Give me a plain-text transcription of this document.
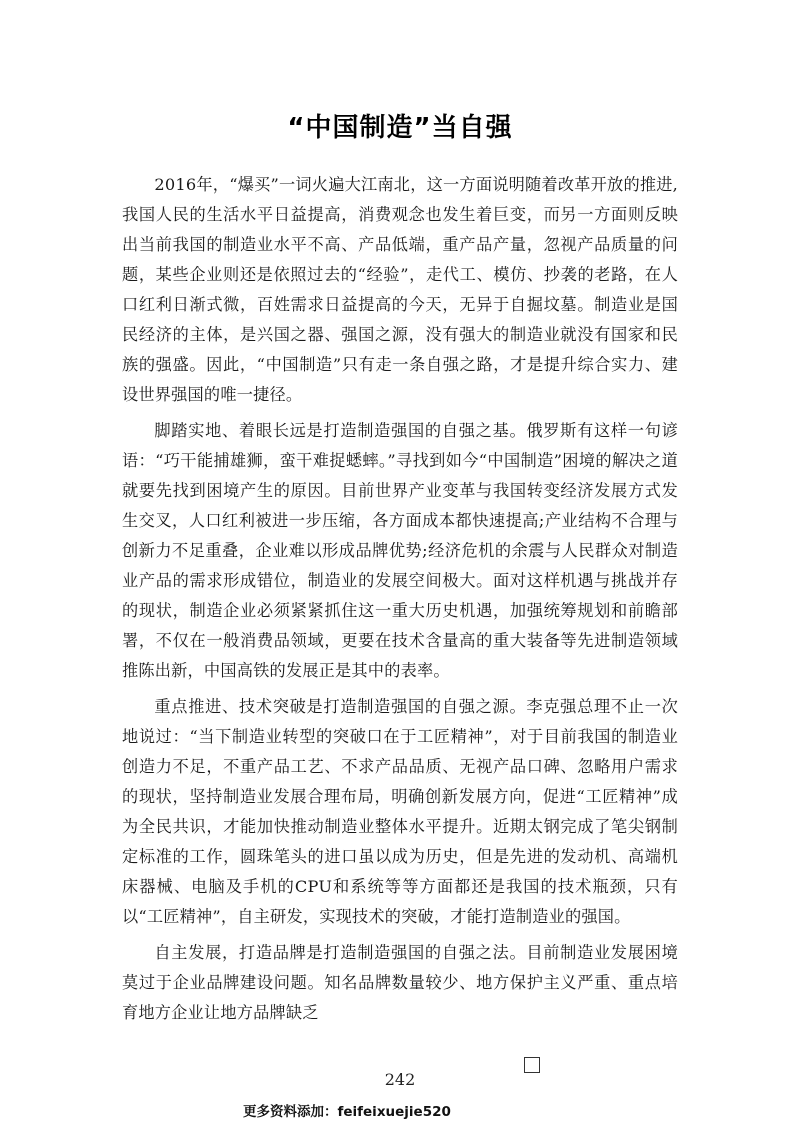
“中国制造”当自强

2016年，“爆买”一词火遍大江南北，这一方面说明随着改革开放的推进,我国人民的生活水平日益提高，消费观念也发生着巨变，而另一方面则反映出当前我国的制造业水平不高、产品低端，重产品产量，忽视产品质量的问题，某些企业则还是依照过去的“经验”，走代工、模仿、抄袭的老路，在人口红利日渐式微，百姓需求日益提高的今天，无异于自掘坟墓。制造业是国民经济的主体，是兴国之器、强国之源，没有强大的制造业就没有国家和民族的强盛。因此，“中国制造”只有走一条自强之路，才是提升综合实力、建设世界强国的唯一捷径。

脚踏实地、着眼长远是打造制造强国的自强之基。俄罗斯有这样一句谚语：“巧干能捕雄狮，蛮干难捉蟋蟀。”寻找到如今“中国制造”困境的解决之道就要先找到困境产生的原因。目前世界产业变革与我国转变经济发展方式发生交叉，人口红利被进一步压缩，各方面成本都快速提高;产业结构不合理与创新力不足重叠，企业难以形成品牌优势;经济危机的余震与人民群众对制造业产品的需求形成错位，制造业的发展空间极大。面对这样机遇与挑战并存的现状，制造企业必须紧紧抓住这一重大历史机遇，加强统筹规划和前瞻部署，不仅在一般消费品领域，更要在技术含量高的重大装备等先进制造领域推陈出新，中国高铁的发展正是其中的表率。

重点推进、技术突破是打造制造强国的自强之源。李克强总理不止一次地说过：“当下制造业转型的突破口在于工匠精神”，对于目前我国的制造业创造力不足，不重产品工艺、不求产品品质、无视产品口碑、忽略用户需求的现状，坚持制造业发展合理布局，明确创新发展方向，促进“工匠精神”成为全民共识，才能加快推动制造业整体水平提升。近期太钢完成了笔尖钢制定标准的工作，圆珠笔头的进口虽以成为历史，但是先进的发动机、高端机床器械、电脑及手机的CPU和系统等等方面都还是我国的技术瓶颈，只有以“工匠精神”，自主研发，实现技术的突破，才能打造制造业的强国。

自主发展，打造品牌是打造制造强国的自强之法。目前制造业发展困境莫过于企业品牌建设问题。知名品牌数量较少、地方保护主义严重、重点培育地方企业让地方品牌缺乏

242
更多资料添加：feifeixuejie520
